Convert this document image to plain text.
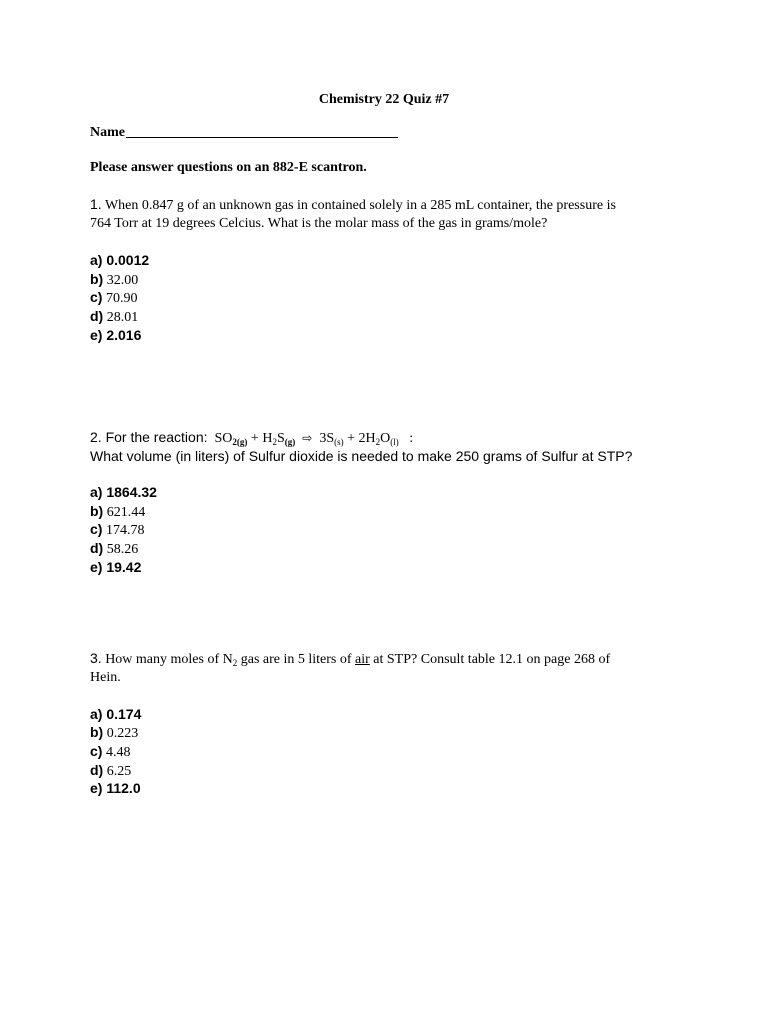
Chemistry 22 Quiz #7
Name
Please answer questions on an 882-E scantron.
1. When 0.847 g of an unknown gas in contained solely in a 285 mL container, the pressure is
764 Torr at 19 degrees Celcius. What is the molar mass of the gas in grams/mole?
a) 0.0012
b) 32.00
c) 70.90
d) 28.01
e) 2.016
2. For the reaction: $SO_{2(g)} + H_2S_{(g)}$ ⇨ $3S_{(s)} + 2H_2O_{(l)}$ :
What volume (in liters) of Sulfur dioxide is needed to make 250 grams of Sulfur at STP?
a) 1864.32
b) 621.44
c) 174.78
d) 58.26
e) 19.42
3. How many moles of $N_2$ gas are in 5 liters of air at STP? Consult table 12.1 on page 268 of
Hein.
a) 0.174
b) 0.223
c) 4.48
d) 6.25
e) 112.0
